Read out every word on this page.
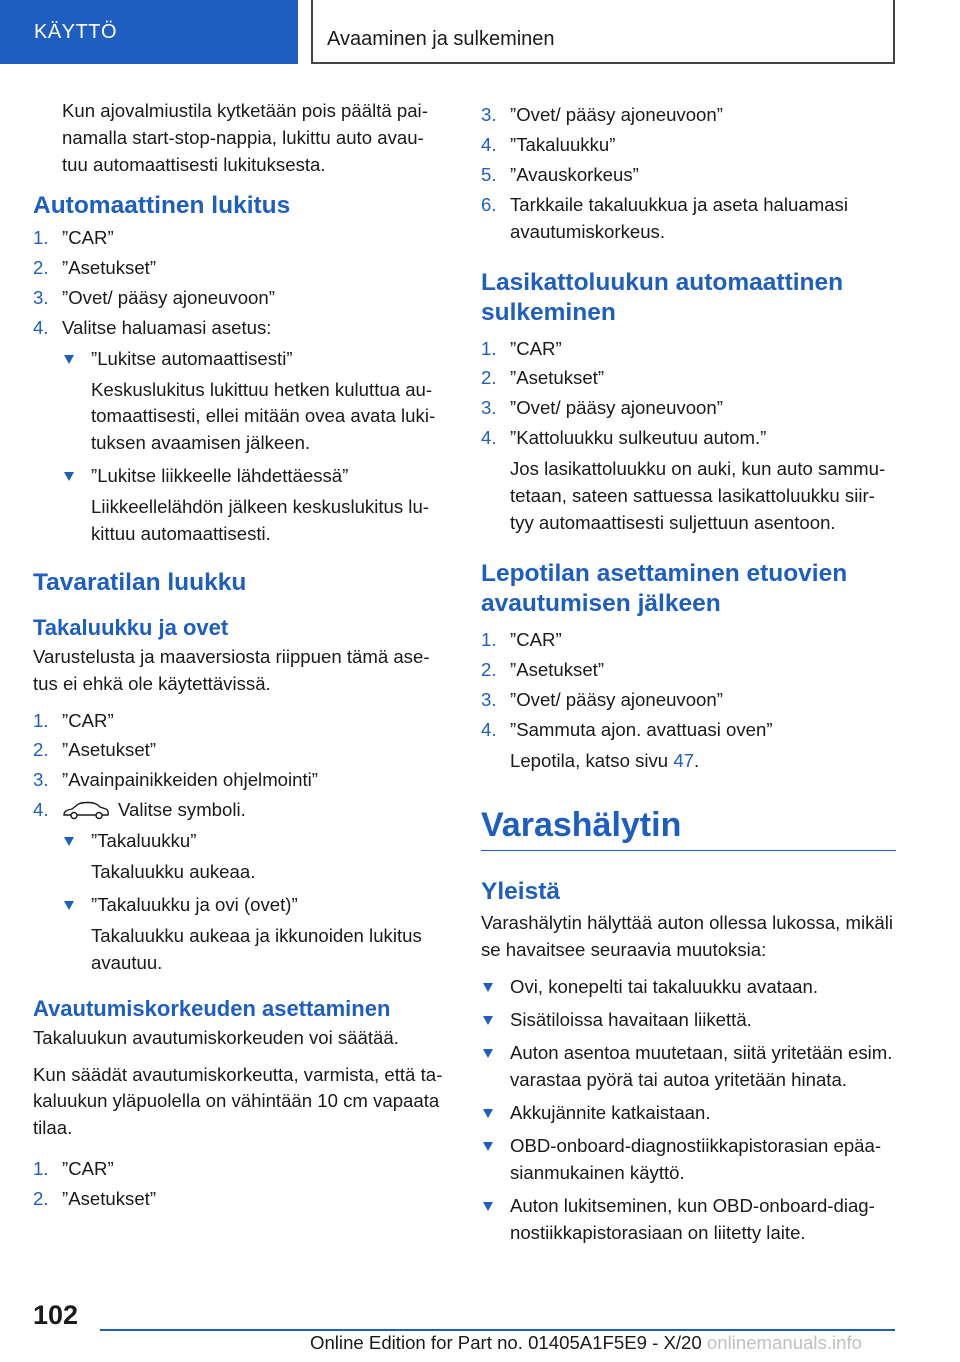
KÄYTTÖ	Avaaminen ja sulkeminen

Kun ajovalmiustila kytketään pois päältä pai-namalla start-stop-nappia, lukittu auto avau-tuu automaattisesti lukituksesta.

Automaattinen lukitus
1. ”CAR”
2. ”Asetukset”
3. ”Ovet/ pääsy ajoneuvoon”
4. Valitse haluamasi asetus:
”Lukitse automaattisesti”
Keskuslukitus lukittuu hetken kuluttua au-tomaattisesti, ellei mitään ovea avata luki-tuksen avaamisen jälkeen.
”Lukitse liikkeelle lähdettäessä”
Liikkeellelähdön jälkeen keskuslukitus lu-kittuu automaattisesti.
Tavaratilan luukku
Takaluukku ja ovet

Varustelusta ja maaversiosta riippuen tämä ase-tus ei ehkä ole käytettävissä.

1. ”CAR”
2. ”Asetukset”
3. ”Avainpainikkeiden ohjelmointi”
4.	Valitse symboli.
”Takaluukku”
Takaluukku aukeaa.
”Takaluukku ja ovi (ovet)”
Takaluukku aukeaa ja ikkunoiden lukitus avautuu.
Avautumiskorkeuden asettaminen

Takaluukun avautumiskorkeuden voi säätää.

Kun säädät avautumiskorkeutta, varmista, että ta-kaluukun yläpuolella on vähintään 10 cm vapaata tilaa.

1. ”CAR”
2. ”Asetukset”
3. ”Ovet/ pääsy ajoneuvoon”
4. ”Takaluukku”
5. ”Avauskorkeus”
6. Tarkkaile takaluukkua ja aseta haluamasi avautumiskorkeus.
Lasikattoluukun automaattinen sulkeminen
1. ”CAR”
2. ”Asetukset”
3. ”Ovet/ pääsy ajoneuvoon”
4. ”Kattoluukku sulkeutuu autom.”
Jos lasikattoluukku on auki, kun auto sammu-tetaan, sateen sattuessa lasikattoluukku siir-tyy automaattisesti suljettuun asentoon.
Lepotilan asettaminen etuovien avautumisen jälkeen
1. ”CAR”
2. ”Asetukset”
3. ”Ovet/ pääsy ajoneuvoon”
4. ”Sammuta ajon. avattuasi oven”
Lepotila, katso sivu 47.
Varashälytin
Yleistä

Varashälytin hälyttää auton ollessa lukossa, mikäli se havaitsee seuraavia muutoksia:

Ovi, konepelti tai takaluukku avataan.
Sisätiloissa havaitaan liikettä.
Auton asentoa muutetaan, siitä yritetään esim. varastaa pyörä tai autoa yritetään hinata.
Akkujännite katkaistaan.
OBD-onboard-diagnostiikkapistorasian epäa-sianmukainen käyttö.
Auton lukitseminen, kun OBD-onboard-diag-nostiikkapistorasiaan on liitetty laite.
102
Online Edition for Part no. 01405A1F5E9 - X/20 onlinemanuals.info
